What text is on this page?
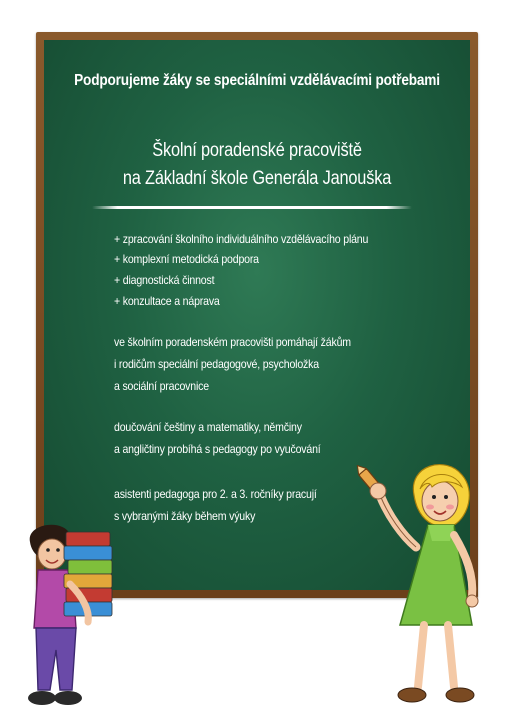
Podporujeme žáky se speciálními vzdělávacími potřebami
Školní poradenské pracoviště
na Základní škole Generála Janouška
+ zpracování školního individuálního vzdělávacího plánu
+ komplexní metodická podpora
+ diagnostická činnost
+ konzultace a náprava
ve školním poradenském pracovišti pomáhají žákům
i rodičům speciální pedagogové, psycholožka
a sociální pracovnice
doučování češtiny a matematiky, němčiny
a angličtiny probíhá s pedagogy po vyučování
asistenti pedagoga pro 2. a 3. ročníky pracují
s vybranými žáky během výuky
